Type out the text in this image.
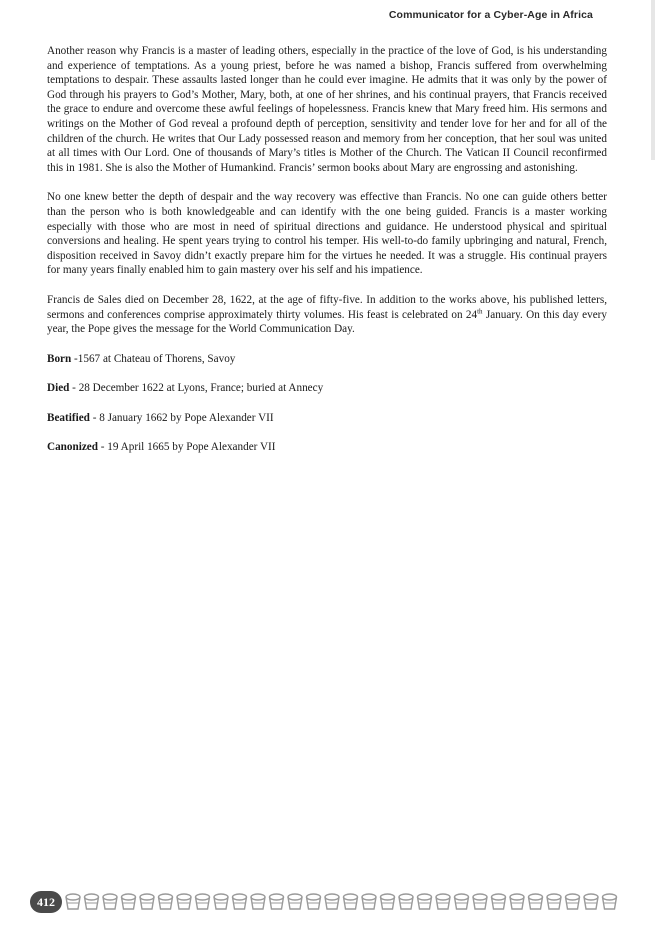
Communicator for a Cyber-Age in Africa

Another reason why Francis is a master of leading others, especially in the practice of the love of God, is his understanding and experience of temptations. As a young priest, before he was named a bishop, Francis suffered from overwhelming temptations to despair. These assaults lasted longer than he could ever imagine. He admits that it was only by the power of God through his prayers to God’s Mother, Mary, both, at one of her shrines, and his continual prayers, that Francis received the grace to endure and overcome these awful feelings of hopelessness. Francis knew that Mary freed him. His sermons and writings on the Mother of God reveal a profound depth of perception, sensitivity and tender love for her and for all of the children of the church. He writes that Our Lady possessed reason and memory from her conception, that her soul was united at all times with Our Lord. One of thousands of Mary’s titles is Mother of the Church. The Vatican II Council reconfirmed this in 1981. She is also the Mother of Humankind. Francis’ sermon books about Mary are engrossing and astonishing.

No one knew better the depth of despair and the way recovery was effective than Francis. No one can guide others better than the person who is both knowledgeable and can identify with the one being guided. Francis is a master working especially with those who are most in need of spiritual directions and guidance. He understood physical and spiritual conversions and healing. He spent years trying to control his temper. His well-to-do family upbringing and natural, French, disposition received in Savoy didn’t exactly prepare him for the virtues he needed. It was a struggle. His continual prayers for many years finally enabled him to gain mastery over his self and his impatience.

Francis de Sales died on December 28, 1622, at the age of fifty-five. In addition to the works above, his published letters, sermons and conferences comprise approximately thirty volumes. His feast is celebrated on 24th January. On this day every year, the Pope gives the message for the World Communication Day.

Born -1567 at Chateau of Thorens, Savoy

Died - 28 December 1622 at Lyons, France; buried at Annecy

Beatified - 8 January 1662 by Pope Alexander VII

Canonized - 19 April 1665 by Pope Alexander VII

412
